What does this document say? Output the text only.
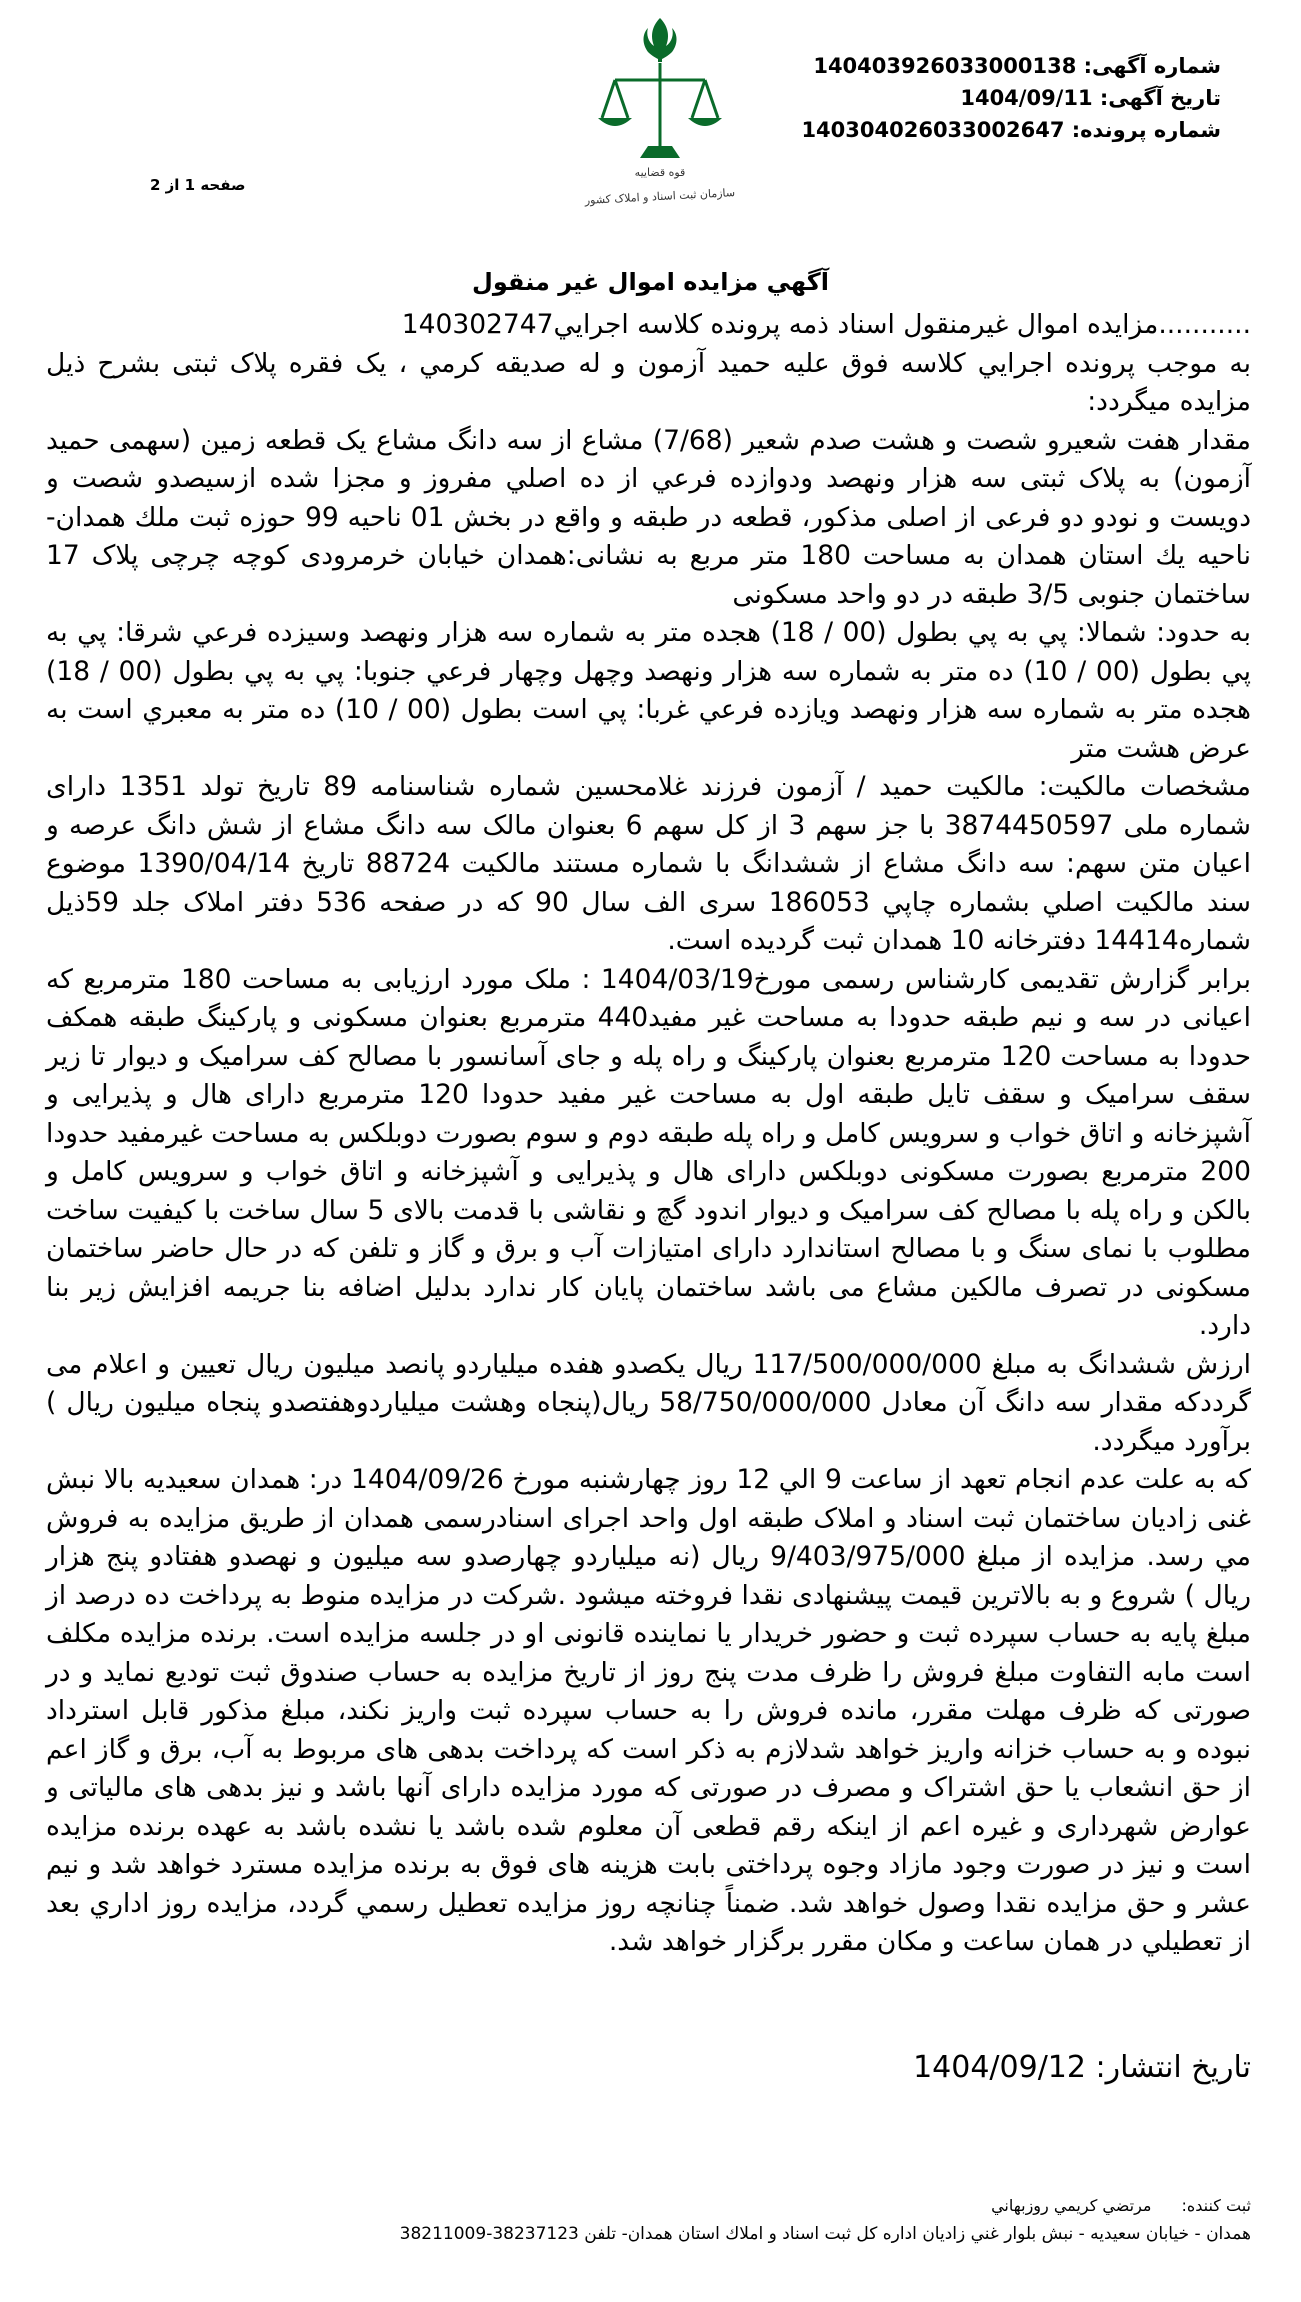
شماره آگهی: 14040392603300013⁠8
تاریخ آگهی: 1404/09/11
شماره پرونده: 140304026033002647
قوه قضاييه
سازمان ثبت اسناد و املاک کشور
صفحه 1 از 2
آگهي مزايده اموال غير منقول

...........مزايده اموال غيرمنقول اسناد ذمه پرونده كلاسه اجرايي140302747

به موجب پرونده اجرايي كلاسه فوق عليه حميد آزمون و له صديقه كرمي ، يک فقره پلاک ثبتی بشرح ذيل مزايده ميگردد:

مقدار هفت شعيرو شصت و هشت صدم شعير (7/68) مشاع از سه دانگ مشاع يک قطعه زمين (سهمی حميد آزمون) به پلاک ثبتی سه هزار ونهصد ودوازده فرعي از ده اصلي مفروز و مجزا شده ازسيصدو شصت و دويست و نودو دو فرعی از اصلی مذکور، قطعه در طبقه و واقع در بخش 01 ناحيه 99 حوزه ثبت ملك همدان-ناحيه يك استان همدان به مساحت 180 متر مربع به نشانی:همدان خيابان خرمرودی کوچه چرچی پلاک 17 ساختمان جنوبی 3/5 طبقه در دو واحد مسكونی

به حدود: شمالا: پي به پي بطول (00 / 18) هجده متر به شماره سه هزار ونهصد وسيزده فرعي شرقا: پي به پي بطول (00 / 10) ده متر به شماره سه هزار ونهصد وچهل وچهار فرعي جنوبا: پي به پي بطول (00 / 18) هجده متر به شماره سه هزار ونهصد ويازده فرعي غربا: پي است بطول (00 / 10) ده متر به معبري است به عرض هشت متر

مشخصات مالكيت: مالكيت حميد / آزمون فرزند غلامحسين شماره شناسنامه 89 تاريخ تولد 1351 دارای شماره ملی 3874450597 با جز سهم 3 از كل سهم 6 بعنوان مالک سه دانگ مشاع از شش دانگ عرصه و اعيان متن سهم: سه دانگ مشاع از ششدانگ با شماره مستند مالكيت 88724 تاريخ 1390/04/14 موضوع سند مالكيت اصلي بشماره چاپي 186053 سری الف سال 90 كه در صفحه 536 دفتر املاک جلد 59ذيل شماره14414 دفترخانه 10 همدان ثبت گرديده است.

برابر گزارش تقديمی كارشناس رسمی مورخ1404/03/19 : ملک مورد ارزيابی به مساحت 180 مترمربع که اعيانی در سه و نيم طبقه حدودا به مساحت غير مفيد440 مترمربع بعنوان مسکونی و پارکينگ طبقه همکف حدودا به مساحت 120 مترمربع بعنوان پارکينگ و راه پله و جای آسانسور با مصالح کف سراميک و ديوار تا زير سقف سراميک و سقف تايل طبقه اول به مساحت غير مفيد حدودا 120 مترمربع دارای هال و پذيرايی و آشپزخانه و اتاق خواب و سرويس کامل و راه پله طبقه دوم و سوم بصورت دوبلکس به مساحت غيرمفيد حدودا 200 مترمربع بصورت مسکونی دوبلکس دارای هال و پذيرايی و آشپزخانه و اتاق خواب و سرويس کامل و بالکن و راه پله با مصالح کف سراميک و ديوار اندود گچ و نقاشی با قدمت بالای 5 سال ساخت با کيفيت ساخت مطلوب با نمای سنگ و با مصالح استاندارد دارای امتيازات آب و برق و گاز و تلفن که در حال حاضر ساختمان مسکونی در تصرف مالکين مشاع می باشد ساختمان پايان کار ندارد بدليل اضافه بنا جريمه افزايش زير بنا دارد.

ارزش ششدانگ به مبلغ 117/500/000/000 ريال يكصدو هفده ميلياردو پانصد ميليون ريال تعيين و اعلام می گردد‌که مقدار سه دانگ آن معادل 58/750/000/000 ريال(پنجاه وهشت ميلياردوهفتصدو پنجاه ميليون ريال ) برآورد ميگردد.

كه به علت عدم انجام تعهد از ساعت 9 الي 12 روز چهارشنبه مورخ 1404/09/26 در: همدان سعيديه بالا نبش غنی زاديان ساختمان ثبت اسناد و املاک طبقه اول واحد اجرای اسنادرسمی همدان از طريق مزايده به فروش مي رسد. مزايده از مبلغ 9/403/975/000 ريال (نه ميلياردو چهارصدو سه ميليون و نهصدو هفتادو پنج هزار ريال ) شروع و به بالاترين قيمت پيشنهادی نقدا فروخته ميشود .شرکت در مزايده منوط به پرداخت ده درصد از مبلغ پايه به حساب سپرده ثبت و حضور خريدار يا نماينده قانونی او در جلسه مزايده است. برنده مزايده مكلف است مابه التفاوت مبلغ فروش را ظرف مدت پنج روز از تاريخ مزايده به حساب صندوق ثبت توديع نمايد و در صورتی كه ظرف مهلت مقرر، مانده فروش را به حساب سپرده ثبت واريز نكند، مبلغ مذكور قابل استرداد نبوده و به حساب خزانه واريز خواهد شدلازم به ذكر است كه پرداخت بدهی های مربوط به آب، برق و گاز اعم از حق انشعاب يا حق اشتراک و مصرف در صورتی كه مورد مزايده دارای آنها باشد و نيز بدهی های مالياتی و عوارض شهرداری و غيره اعم از اينكه رقم قطعی آن معلوم شده باشد يا نشده باشد به عهده برنده مزايده است و نيز در صورت وجود مازاد وجوه پرداختی بابت هزينه های فوق به برنده مزايده مسترد خواهد شد و نيم عشر و حق مزايده نقدا وصول خواهد شد. ضمناً چنانچه روز مزايده تعطيل رسمي گردد، مزايده روز اداري بعد از تعطيلي در همان ساعت و مكان مقرر برگزار خواهد شد.

تاريخ انتشار: 1404/09/12
ثبت كننده:
مرتضي كريمي روزبهاني
همدان - خيابان سعيديه - نبش بلوار غني زاديان اداره كل ثبت اسناد و املاك استان همدان- تلفن 38237123-38211009
